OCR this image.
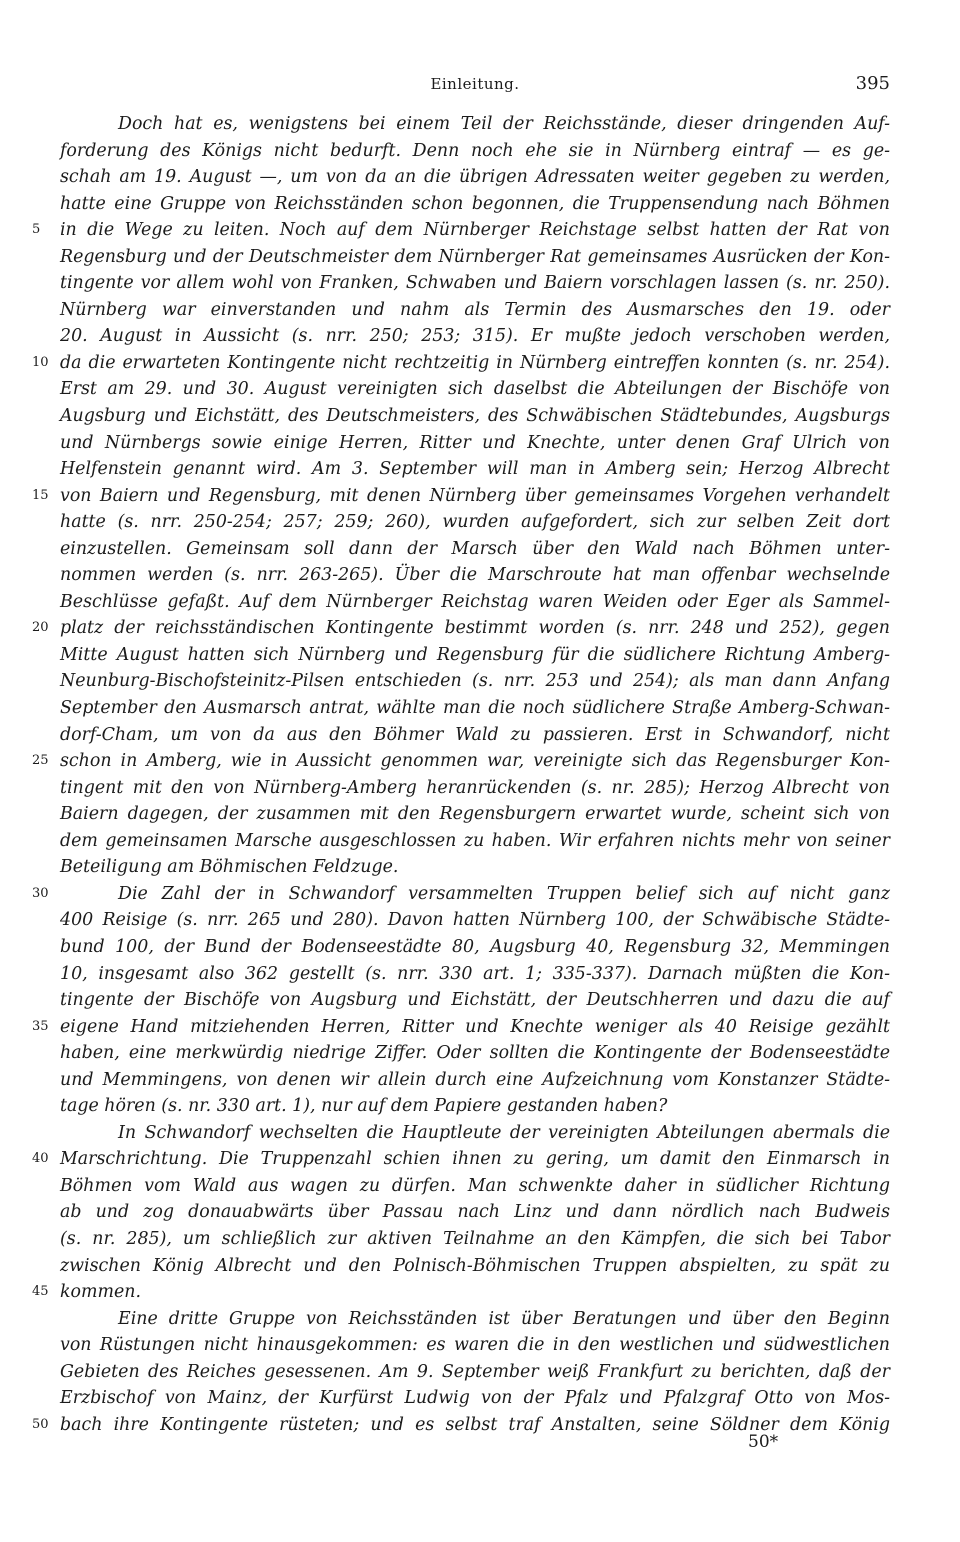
Einleitung.	395
Doch hat es, wenigstens bei einem Teil der Reichsstände, dieser dringenden Auf-
forderung des Königs nicht bedurft. Denn noch ehe sie in Nürnberg eintraf — es ge-
schah am 19. August —, um von da an die übrigen Adressaten weiter gegeben zu werden,
hatte eine Gruppe von Reichsständen schon begonnen, die Truppensendung nach Böhmen
5	in die Wege zu leiten. Noch auf dem Nürnberger Reichstage selbst hatten der Rat von
Regensburg und der Deutschmeister dem Nürnberger Rat gemeinsames Ausrücken der Kon-
tingente vor allem wohl von Franken, Schwaben und Baiern vorschlagen lassen (s. nr. 250).
Nürnberg war einverstanden und nahm als Termin des Ausmarsches den 19. oder
20. August in Aussicht (s. nrr. 250; 253; 315). Er mußte jedoch verschoben werden,
10 da die erwarteten Kontingente nicht rechtzeitig in Nürnberg eintreffen konnten (s. nr. 254).
Erst am 29. und 30. August vereinigten sich daselbst die Abteilungen der Bischöfe von
Augsburg und Eichstätt, des Deutschmeisters, des Schwäbischen Städtebundes, Augsburgs
und Nürnbergs sowie einige Herren, Ritter und Knechte, unter denen Graf Ulrich von
Helfenstein genannt wird. Am 3. September will man in Amberg sein; Herzog Albrecht
15 von Baiern und Regensburg, mit denen Nürnberg über gemeinsames Vorgehen verhandelt
hatte (s. nrr. 250-254; 257; 259; 260), wurden aufgefordert, sich zur selben Zeit dort
einzustellen. Gemeinsam soll dann der Marsch über den Wald nach Böhmen unter-
nommen werden (s. nrr. 263-265). Über die Marschroute hat man offenbar wechselnde
Beschlüsse gefaßt. Auf dem Nürnberger Reichstag waren Weiden oder Eger als Sammel-
20 platz der reichsständischen Kontingente bestimmt worden (s. nrr. 248 und 252), gegen
Mitte August hatten sich Nürnberg und Regensburg für die südlichere Richtung Amberg-
Neunburg-Bischofsteinitz-Pilsen entschieden (s. nrr. 253 und 254); als man dann Anfang
September den Ausmarsch antrat, wählte man die noch südlichere Straße Amberg-Schwan-
dorf-Cham, um von da aus den Böhmer Wald zu passieren. Erst in Schwandorf, nicht
25 schon in Amberg, wie in Aussicht genommen war, vereinigte sich das Regensburger Kon-
tingent mit den von Nürnberg-Amberg heranrückenden (s. nr. 285); Herzog Albrecht von
Baiern dagegen, der zusammen mit den Regensburgern erwartet wurde, scheint sich von
dem gemeinsamen Marsche ausgeschlossen zu haben. Wir erfahren nichts mehr von seiner
Beteiligung am Böhmischen Feldzuge.
30	Die Zahl der in Schwandorf versammelten Truppen belief sich auf nicht ganz
400 Reisige (s. nrr. 265 und 280). Davon hatten Nürnberg 100, der Schwäbische Städte-
bund 100, der Bund der Bodenseestädte 80, Augsburg 40, Regensburg 32, Memmingen
10, insgesamt also 362 gestellt (s. nrr. 330 art. 1; 335-337). Darnach müßten die Kon-
tingente der Bischöfe von Augsburg und Eichstätt, der Deutschherren und dazu die auf
35 eigene Hand mitziehenden Herren, Ritter und Knechte weniger als 40 Reisige gezählt
haben, eine merkwürdig niedrige Ziffer. Oder sollten die Kontingente der Bodenseestädte
und Memmingens, von denen wir allein durch eine Aufzeichnung vom Konstanzer Städte-
tage hören (s. nr. 330 art. 1), nur auf dem Papiere gestanden haben?
In Schwandorf wechselten die Hauptleute der vereinigten Abteilungen abermals die
40 Marschrichtung. Die Truppenzahl schien ihnen zu gering, um damit den Einmarsch in
Böhmen vom Wald aus wagen zu dürfen. Man schwenkte daher in südlicher Richtung
ab und zog donauabwärts über Passau nach Linz und dann nördlich nach Budweis
(s. nr. 285), um schließlich zur aktiven Teilnahme an den Kämpfen, die sich bei Tabor
zwischen König Albrecht und den Polnisch-Böhmischen Truppen abspielten, zu spät zu
45 kommen.
Eine dritte Gruppe von Reichsständen ist über Beratungen und über den Beginn
von Rüstungen nicht hinausgekommen: es waren die in den westlichen und südwestlichen
Gebieten des Reiches gesessenen. Am 9. September weiß Frankfurt zu berichten, daß der
Erzbischof von Mainz, der Kurfürst Ludwig von der Pfalz und Pfalzgraf Otto von Mos-
50 bach ihre Kontingente rüsteten; und es selbst traf Anstalten, seine Söldner dem König
50*
